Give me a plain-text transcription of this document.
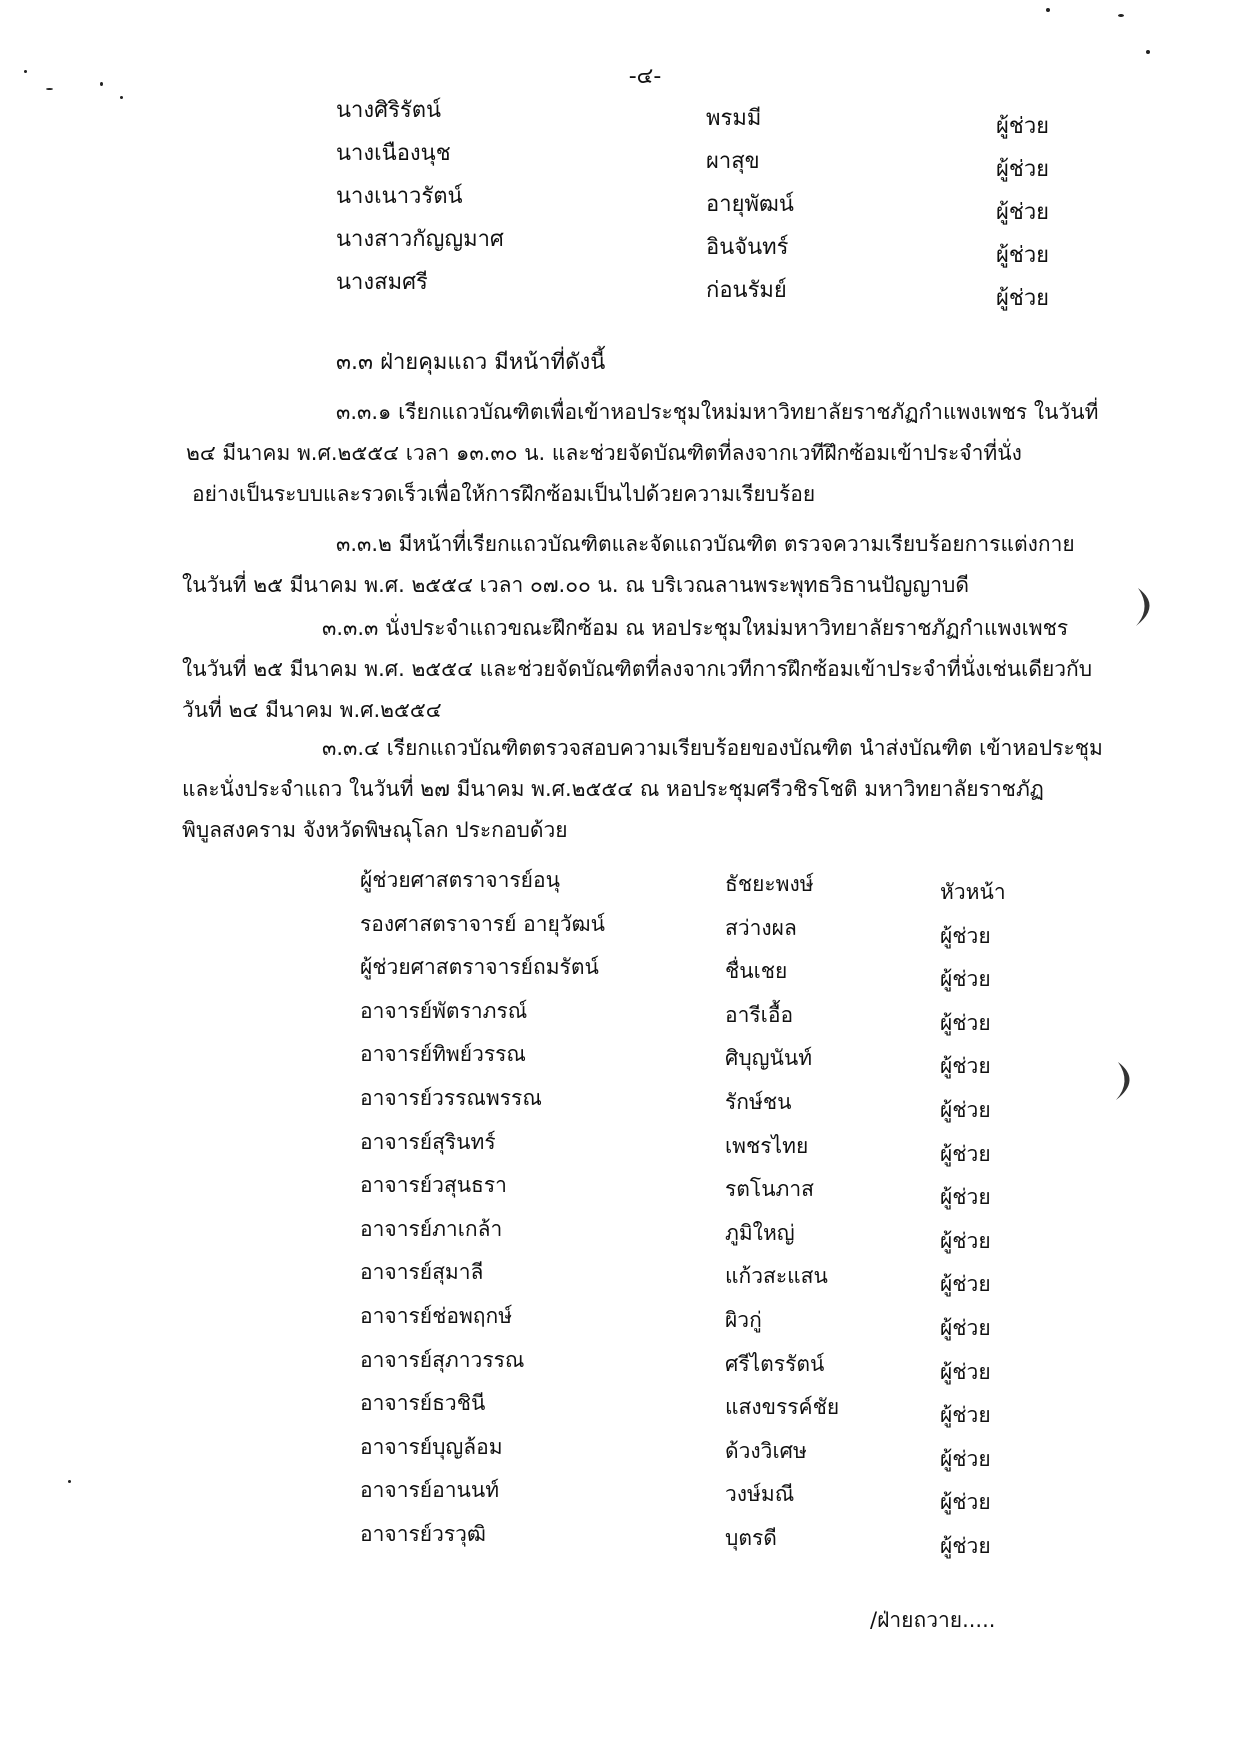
-๔-
นางศิริรัตน์	พรมมี	ผู้ช่วย
นางเนืองนุช	ผาสุข	ผู้ช่วย
นางเนาวรัตน์	อายุพัฒน์	ผู้ช่วย
นางสาวกัญญมาศ	อินจันทร์	ผู้ช่วย
นางสมศรี	ก่อนรัมย์	ผู้ช่วย
๓.๓ ฝ่ายคุมแถว มีหน้าที่ดังนี้
๓.๓.๑ เรียกแถวบัณฑิตเพื่อเข้าหอประชุมใหม่มหาวิทยาลัยราชภัฏกำแพงเพชร ในวันที่
๒๔ มีนาคม พ.ศ.๒๕๕๔ เวลา ๑๓.๓๐ น. และช่วยจัดบัณฑิตที่ลงจากเวทีฝึกซ้อมเข้าประจำที่นั่ง
อย่างเป็นระบบและรวดเร็วเพื่อให้การฝึกซ้อมเป็นไปด้วยความเรียบร้อย
๓.๓.๒ มีหน้าที่เรียกแถวบัณฑิตและจัดแถวบัณฑิต ตรวจความเรียบร้อยการแต่งกาย
ในวันที่ ๒๕ มีนาคม พ.ศ. ๒๕๕๔ เวลา ๐๗.๐๐ น. ณ บริเวณลานพระพุทธวิธานปัญญาบดี
๓.๓.๓ นั่งประจำแถวขณะฝึกซ้อม ณ หอประชุมใหม่มหาวิทยาลัยราชภัฏกำแพงเพชร
ในวันที่ ๒๕ มีนาคม พ.ศ. ๒๕๕๔ และช่วยจัดบัณฑิตที่ลงจากเวทีการฝึกซ้อมเข้าประจำที่นั่งเช่นเดียวกับ
วันที่ ๒๔ มีนาคม พ.ศ.๒๕๕๔
๓.๓.๔ เรียกแถวบัณฑิตตรวจสอบความเรียบร้อยของบัณฑิต นำส่งบัณฑิต เข้าหอประชุม
และนั่งประจำแถว ในวันที่ ๒๗ มีนาคม พ.ศ.๒๕๕๔ ณ หอประชุมศรีวชิรโชติ มหาวิทยาลัยราชภัฏ
พิบูลสงคราม จังหวัดพิษณุโลก ประกอบด้วย
ผู้ช่วยศาสตราจารย์อนุ	ธัชยะพงษ์	หัวหน้า
รองศาสตราจารย์ อายุวัฒน์	สว่างผล	ผู้ช่วย
ผู้ช่วยศาสตราจารย์ถมรัตน์	ชื่นเชย	ผู้ช่วย
อาจารย์พัตราภรณ์	อารีเอื้อ	ผู้ช่วย
อาจารย์ทิพย์วรรณ	ศิบุญนันท์	ผู้ช่วย
อาจารย์วรรณพรรณ	รักษ์ชน	ผู้ช่วย
อาจารย์สุรินทร์	เพชรไทย	ผู้ช่วย
อาจารย์วสุนธรา	รตโนภาส	ผู้ช่วย
อาจารย์ภาเกล้า	ภูมิใหญ่	ผู้ช่วย
อาจารย์สุมาลี	แก้วสะแสน	ผู้ช่วย
อาจารย์ช่อพฤกษ์	ผิวกู่	ผู้ช่วย
อาจารย์สุภาวรรณ	ศรีไตรรัตน์	ผู้ช่วย
อาจารย์ธวชินี	แสงขรรค์ชัย	ผู้ช่วย
อาจารย์บุญล้อม	ด้วงวิเศษ	ผู้ช่วย
อาจารย์อานนท์	วงษ์มณี	ผู้ช่วย
อาจารย์วรวุฒิ	บุตรดี	ผู้ช่วย
/ฝ่ายถวาย.....
